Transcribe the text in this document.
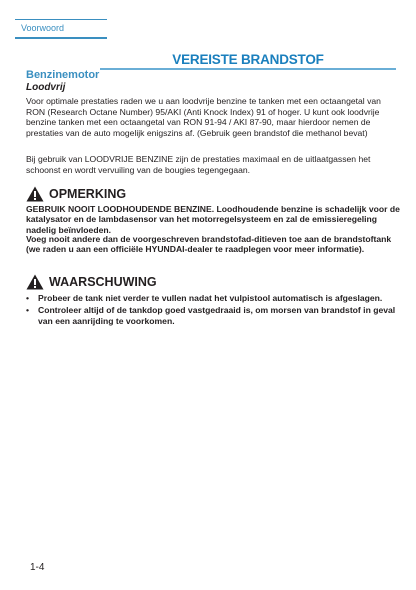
Voorwoord
VEREISTE BRANDSTOF
Benzinemotor
Loodvrij

Voor optimale prestaties raden we u aan loodvrije benzine te tanken met een octaangetal van RON (Research Octane Number) 95/AKI (Anti Knock Index) 91 of hoger. U kunt ook loodvrije benzine tanken met een octaangetal van RON 91-94 / AKI 87-90, maar hierdoor nemen de prestaties van de auto mogelijk enigszins af. (Gebruik geen brandstof die methanol bevat)

Bij gebruik van LOODVRIJE BENZINE zijn de prestaties maximaal en de uitlaatgassen het schoonst en wordt vervuiling van de bougies tegengegaan.

OPMERKING

GEBRUIK NOOIT LOODHOUDENDE BENZINE. Loodhoudende benzine is schadelijk voor de katalysator en de lambdasensor van het motorregelsysteem en zal de emissieregeling nadelig beïnvloeden.

Voeg nooit andere dan de voorgeschreven brandstofad-ditieven toe aan de brandstoftank (we raden u aan een officiële HYUNDAI-dealer te raadplegen voor meer informatie).

WAARSCHUWING
• Probeer de tank niet verder te vullen nadat het vulpistool automatisch is afgeslagen.
• Controleer altijd of de tankdop goed vastgedraaid is, om morsen van brandstof in geval van een aanrijding te voorkomen.
1-4
